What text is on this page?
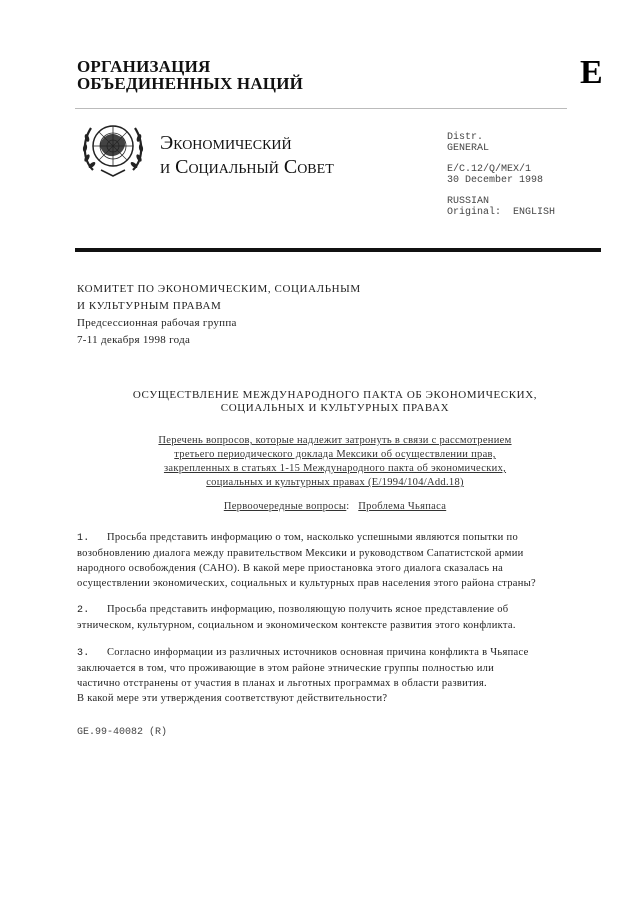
ОРГАНИЗАЦИЯ
ОБЪЕДИНЕННЫХ НАЦИЙ	E
Экономический
и Социальный Совет
Distr.
GENERAL
E/C.12/Q/MEX/1
30 December 1998
RUSSIAN
Original:  ENGLISH
КОМИТЕТ ПО ЭКОНОМИЧЕСКИМ, СОЦИАЛЬНЫМ
И КУЛЬТУРНЫМ ПРАВАМ
Предсессионная рабочая группа
7-11 декабря 1998 года
ОСУЩЕСТВЛЕНИЕ МЕЖДУНАРОДНОГО ПАКТА ОБ ЭКОНОМИЧЕСКИХ,
СОЦИАЛЬНЫХ И КУЛЬТУРНЫХ ПРАВАХ
Перечень вопросов, которые надлежит затронуть в связи с рассмотрением
третьего периодического доклада Мексики об осуществлении прав,
закрепленных в статьях 1-15 Международного пакта об экономических,
социальных и культурных правах (E/1994/104/Add.18)
Первоочередные вопросы: Проблема Чьяпаса
1. Просьба представить информацию о том, насколько успешными являются попытки по
возобновлению диалога между правительством Мексики и руководством Сапатистской армии
народного освобождения (САНО). В какой мере приостановка этого диалога сказалась на
осуществлении экономических, социальных и культурных прав населения этого района страны?
2. Просьба представить информацию, позволяющую получить ясное представление об
этническом, культурном, социальном и экономическом контексте развития этого конфликта.
3. Согласно информации из различных источников основная причина конфликта в Чьяпасе
заключается в том, что проживающие в этом районе этнические группы полностью или
частично отстранены от участия в планах и льготных программах в области развития.
В какой мере эти утверждения соответствуют действительности?
GE.99-40082 (R)
